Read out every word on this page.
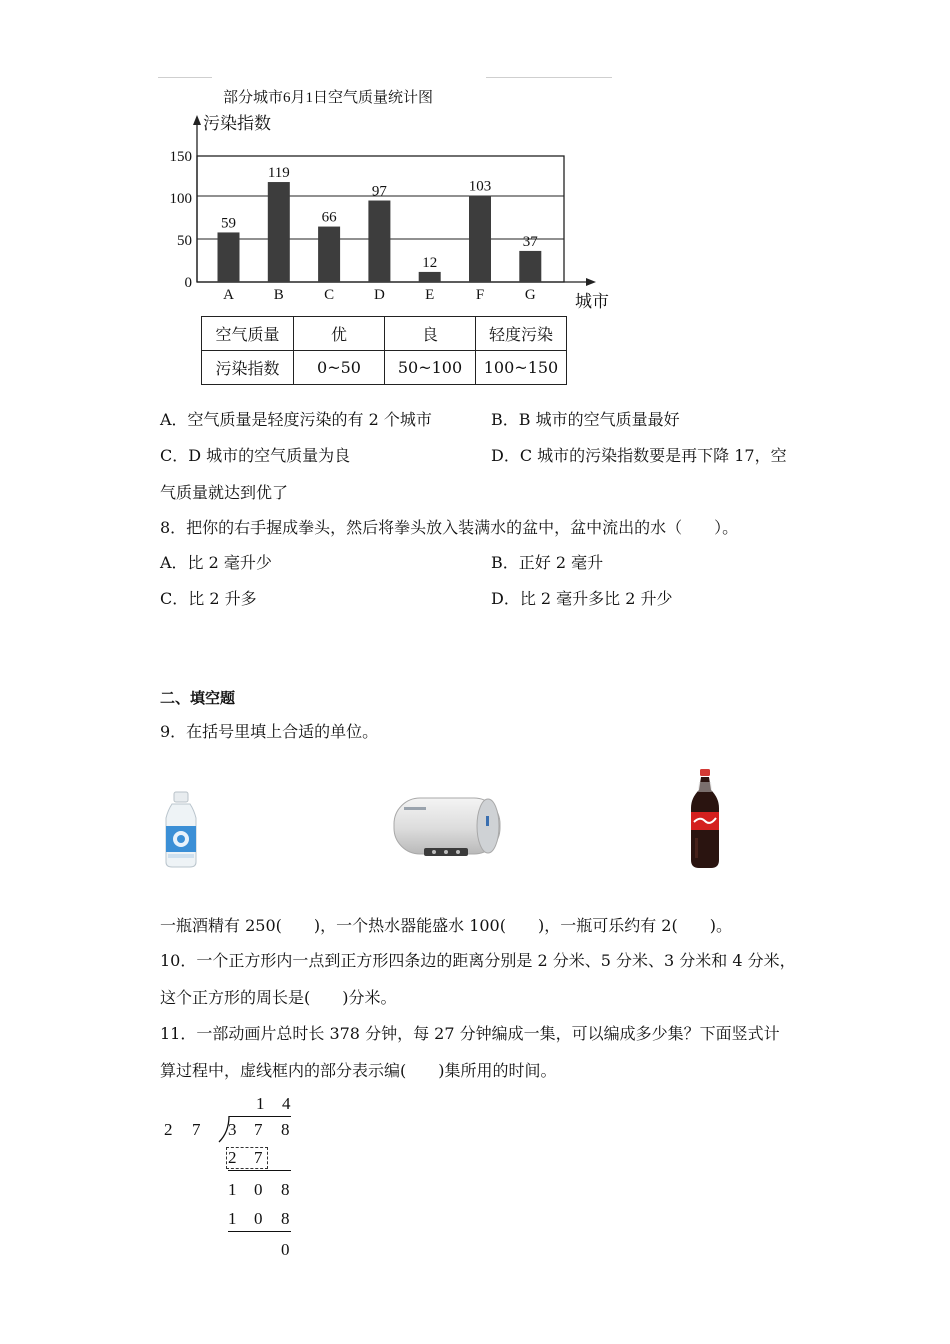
部分城市6月1日空气质量统计图
污染指数
城市
0
50
100
150
59
A
119
B
66
C
97
D
12
E
103
F
37
G
空气质量	优	良	轻度污染
污染指数	0~50	50~100	100~150
A．空气质量是轻度污染的有 2 个城市	B．B 城市的空气质量最好
C．D 城市的空气质量为良	D．C 城市的污染指数要是再下降 17，空
气质量就达到优了
8．把你的右手握成拳头，然后将拳头放入装满水的盆中，盆中流出的水（　　）。
A．比 2 毫升少	B．正好 2 毫升
C．比 2 升多	D．比 2 毫升多比 2 升少
二、填空题
9．在括号里填上合适的单位。
一瓶酒精有 250(　　)，一个热水器能盛水 100(　　)，一瓶可乐约有 2(　　)。
10．一个正方形内一点到正方形四条边的距离分别是 2 分米、5 分米、3 分米和 4 分米，
这个正方形的周长是(　　)分米。
11．一部动画片总时长 378 分钟，每 27 分钟编成一集，可以编成多少集？下面竖式计
算过程中，虚线框内的部分表示编(　　)集所用的时间。
1 4
2 7 3 7 8
2 7
1 0 8
1 0 8
0
